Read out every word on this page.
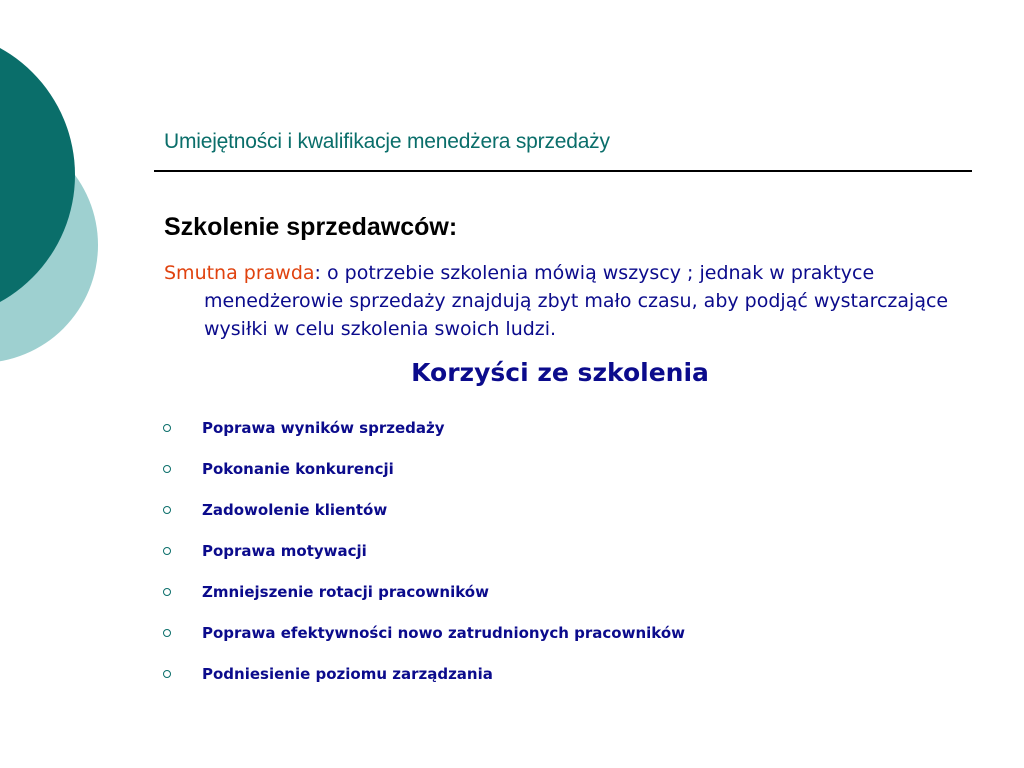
Umiejętności i kwalifikacje menedżera sprzedaży
Szkolenie sprzedawców:
Smutna prawda: o potrzebie szkolenia mówią wszyscy ; jednak w praktyce menedżerowie sprzedaży znajdują zbyt mało czasu, aby podjąć wystarczające wysiłki w celu szkolenia swoich ludzi.
Korzyści ze szkolenia
Poprawa wyników sprzedaży
Pokonanie konkurencji
Zadowolenie klientów
Poprawa motywacji
Zmniejszenie rotacji pracowników
Poprawa efektywności nowo zatrudnionych pracowników
Podniesienie poziomu zarządzania
